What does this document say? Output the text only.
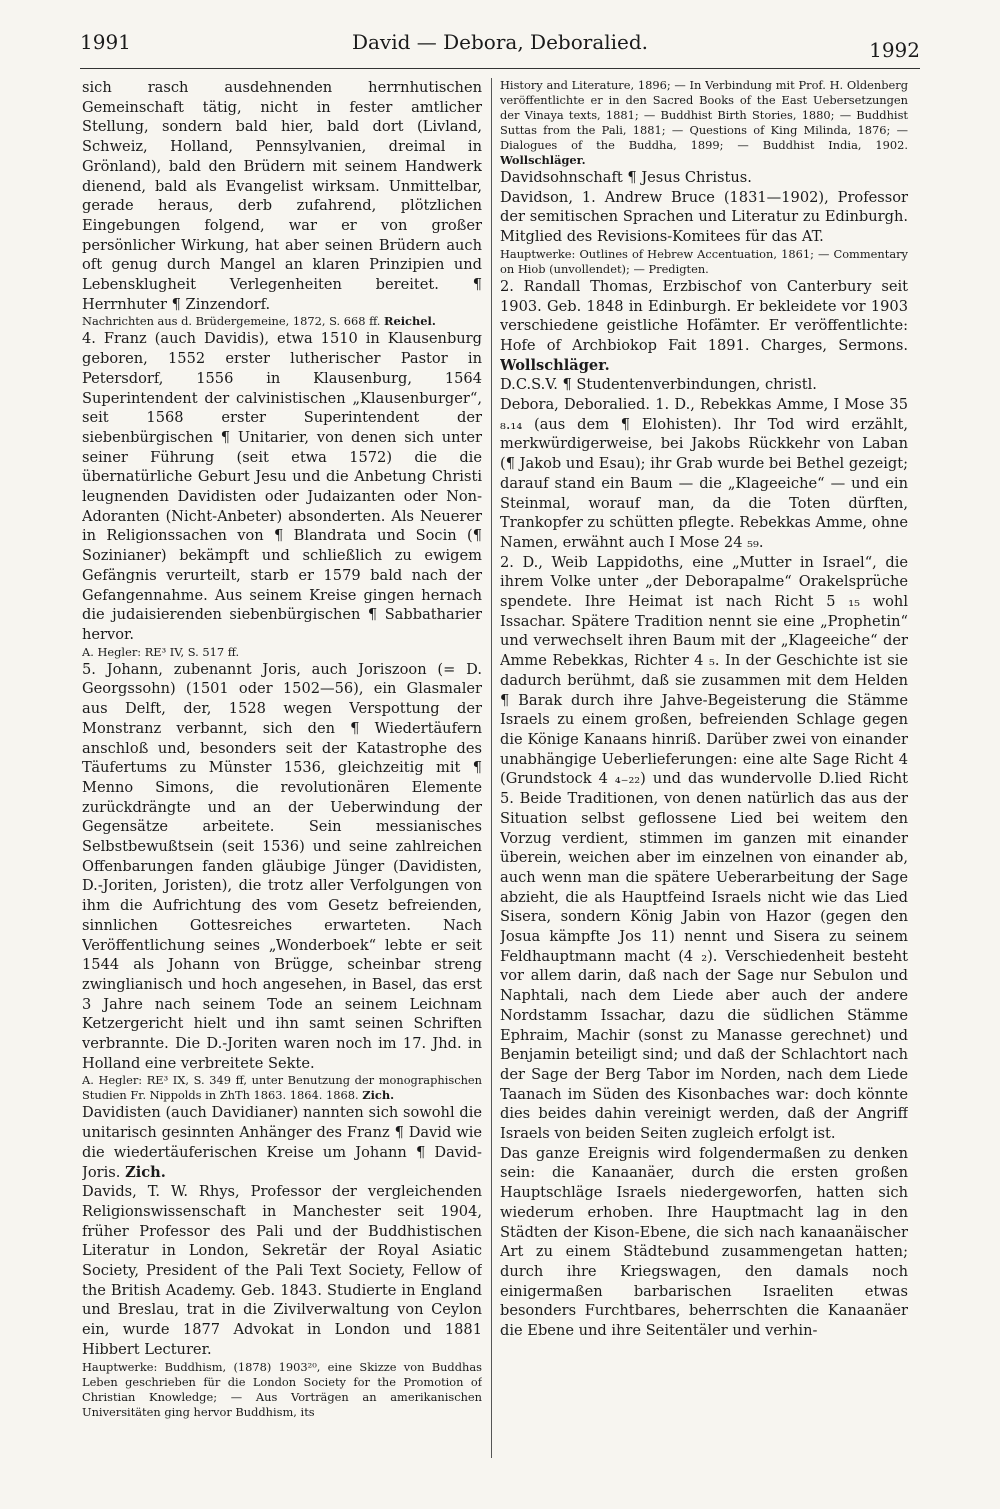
1991	David — Debora, Deboralied.	1992

sich rasch ausdehnenden herrnhutischen Gemeinschaft tätig, nicht in fester amtlicher Stellung, sondern bald hier, bald dort (Livland, Schweiz, Holland, Pennsylvanien, dreimal in Grönland), bald den Brüdern mit seinem Handwerk dienend, bald als Evangelist wirksam. Unmittelbar, gerade heraus, derb zufahrend, plötzlichen Eingebungen folgend, war er von großer persönlicher Wirkung, hat aber seinen Brüdern auch oft genug durch Mangel an klaren Prinzipien und Lebensklugheit Verlegenheiten bereitet. ¶ Herrnhuter ¶ Zinzendorf.

Nachrichten aus d. Brüdergemeine, 1872, S. 668 ff. Reichel.

4. Franz (auch Davidis), etwa 1510 in Klausenburg geboren, 1552 erster lutherischer Pastor in Petersdorf, 1556 in Klausenburg, 1564 Superintendent der calvinistischen „Klausenburger“, seit 1568 erster Superintendent der siebenbürgischen ¶ Unitarier, von denen sich unter seiner Führung (seit etwa 1572) die die übernatürliche Geburt Jesu und die Anbetung Christi leugnenden Davidisten oder Judaizanten oder Non-Adoranten (Nicht-Anbeter) absonderten. Als Neuerer in Religionssachen von ¶ Blandrata und Socin (¶ Sozinianer) bekämpft und schließlich zu ewigem Gefängnis verurteilt, starb er 1579 bald nach der Gefangennahme. Aus seinem Kreise gingen hernach die judaisierenden siebenbürgischen ¶ Sabbatharier hervor.

A. Hegler: RE³ IV, S. 517 ff.

5. Johann, zubenannt Joris, auch Joriszoon (= D. Georgssohn) (1501 oder 1502—56), ein Glasmaler aus Delft, der, 1528 wegen Verspottung der Monstranz verbannt, sich den ¶ Wiedertäufern anschloß und, besonders seit der Katastrophe des Täufertums zu Münster 1536, gleichzeitig mit ¶ Menno Simons, die revolutionären Elemente zurückdrängte und an der Ueberwindung der Gegensätze arbeitete. Sein messianisches Selbstbewußtsein (seit 1536) und seine zahlreichen Offenbarungen fanden gläubige Jünger (Davidisten, D.-Joriten, Joristen), die trotz aller Verfolgungen von ihm die Aufrichtung des vom Gesetz befreienden, sinnlichen Gottesreiches erwarteten. Nach Veröffentlichung seines „Wonderboek“ lebte er seit 1544 als Johann von Brügge, scheinbar streng zwinglianisch und hoch angesehen, in Basel, das erst 3 Jahre nach seinem Tode an seinem Leichnam Ketzergericht hielt und ihn samt seinen Schriften verbrannte. Die D.-Joriten waren noch im 17. Jhd. in Holland eine verbreitete Sekte.

A. Hegler: RE³ IX, S. 349 ff, unter Benutzung der monographischen Studien Fr. Nippolds in ZhTh 1863. 1864. 1868. Zich.

Davidisten (auch Davidianer) nannten sich sowohl die unitarisch gesinnten Anhänger des Franz ¶ David wie die wiedertäuferischen Kreise um Johann ¶ David-Joris. Zich.

Davids, T. W. Rhys, Professor der vergleichenden Religionswissenschaft in Manchester seit 1904, früher Professor des Pali und der Buddhistischen Literatur in London, Sekretär der Royal Asiatic Society, President of the Pali Text Society, Fellow of the British Academy. Geb. 1843. Studierte in England und Breslau, trat in die Zivilverwaltung von Ceylon ein, wurde 1877 Advokat in London und 1881 Hibbert Lecturer.

Hauptwerke: Buddhism, (1878) 1903²⁰, eine Skizze von Buddhas Leben geschrieben für die London Society for the Promotion of Christian Knowledge; — Aus Vorträgen an amerikanischen Universitäten ging hervor Buddhism, its

History and Literature, 1896; — In Verbindung mit Prof. H. Oldenberg veröffentlichte er in den Sacred Books of the East Uebersetzungen der Vinaya texts, 1881; — Buddhist Birth Stories, 1880; — Buddhist Suttas from the Pali, 1881; — Questions of King Milinda, 1876; — Dialogues of the Buddha, 1899; — Buddhist India, 1902. Wollschläger.

Davidsohnschaft ¶ Jesus Christus.

Davidson, 1. Andrew Bruce (1831—1902), Professor der semitischen Sprachen und Literatur zu Edinburgh. Mitglied des Revisions-Komitees für das AT.

Hauptwerke: Outlines of Hebrew Accentuation, 1861; — Commentary on Hiob (unvollendet); — Predigten.

2. Randall Thomas, Erzbischof von Canterbury seit 1903. Geb. 1848 in Edinburgh. Er bekleidete vor 1903 verschiedene geistliche Hofämter. Er veröffentlichte: Hofe of Archbiokop Fait 1891. Charges, Sermons. Wollschläger.

D.C.S.V. ¶ Studentenverbindungen, christl.

Debora, Deboralied. 1. D., Rebekkas Amme, I Mose 35 ₈.₁₄ (aus dem ¶ Elohisten). Ihr Tod wird erzählt, merkwürdigerweise, bei Jakobs Rückkehr von Laban (¶ Jakob und Esau); ihr Grab wurde bei Bethel gezeigt; darauf stand ein Baum — die „Klageeiche“ — und ein Steinmal, worauf man, da die Toten dürften, Trankopfer zu schütten pflegte. Rebekkas Amme, ohne Namen, erwähnt auch I Mose 24 ₅₉.

2. D., Weib Lappidoths, eine „Mutter in Israel“, die ihrem Volke unter „der Deborapalme“ Orakelsprüche spendete. Ihre Heimat ist nach Richt 5 ₁₅ wohl Issachar. Spätere Tradition nennt sie eine „Prophetin“ und verwechselt ihren Baum mit der „Klageeiche“ der Amme Rebekkas, Richter 4 ₅. In der Geschichte ist sie dadurch berühmt, daß sie zusammen mit dem Helden ¶ Barak durch ihre Jahve-Begeisterung die Stämme Israels zu einem großen, befreienden Schlage gegen die Könige Kanaans hinriß. Darüber zwei von einander unabhängige Ueberlieferungen: eine alte Sage Richt 4 (Grundstock 4 ₄₋₂₂) und das wundervolle D.lied Richt 5. Beide Traditionen, von denen natürlich das aus der Situation selbst geflossene Lied bei weitem den Vorzug verdient, stimmen im ganzen mit einander überein, weichen aber im einzelnen von einander ab, auch wenn man die spätere Ueberarbeitung der Sage abzieht, die als Hauptfeind Israels nicht wie das Lied Sisera, sondern König Jabin von Hazor (gegen den Josua kämpfte Jos 11) nennt und Sisera zu seinem Feldhauptmann macht (4 ₂). Verschiedenheit besteht vor allem darin, daß nach der Sage nur Sebulon und Naphtali, nach dem Liede aber auch der andere Nordstamm Issachar, dazu die südlichen Stämme Ephraim, Machir (sonst zu Manasse gerechnet) und Benjamin beteiligt sind; und daß der Schlachtort nach der Sage der Berg Tabor im Norden, nach dem Liede Taanach im Süden des Kisonbaches war: doch könnte dies beides dahin vereinigt werden, daß der Angriff Israels von beiden Seiten zugleich erfolgt ist.

Das ganze Ereignis wird folgendermaßen zu denken sein: die Kanaanäer, durch die ersten großen Hauptschläge Israels niedergeworfen, hatten sich wiederum erhoben. Ihre Hauptmacht lag in den Städten der Kison-Ebene, die sich nach kanaanäischer Art zu einem Städtebund zusammengetan hatten; durch ihre Kriegswagen, den damals noch einigermaßen barbarischen Israeliten etwas besonders Furchtbares, beherrschten die Kanaanäer die Ebene und ihre Seitentäler und verhin-
